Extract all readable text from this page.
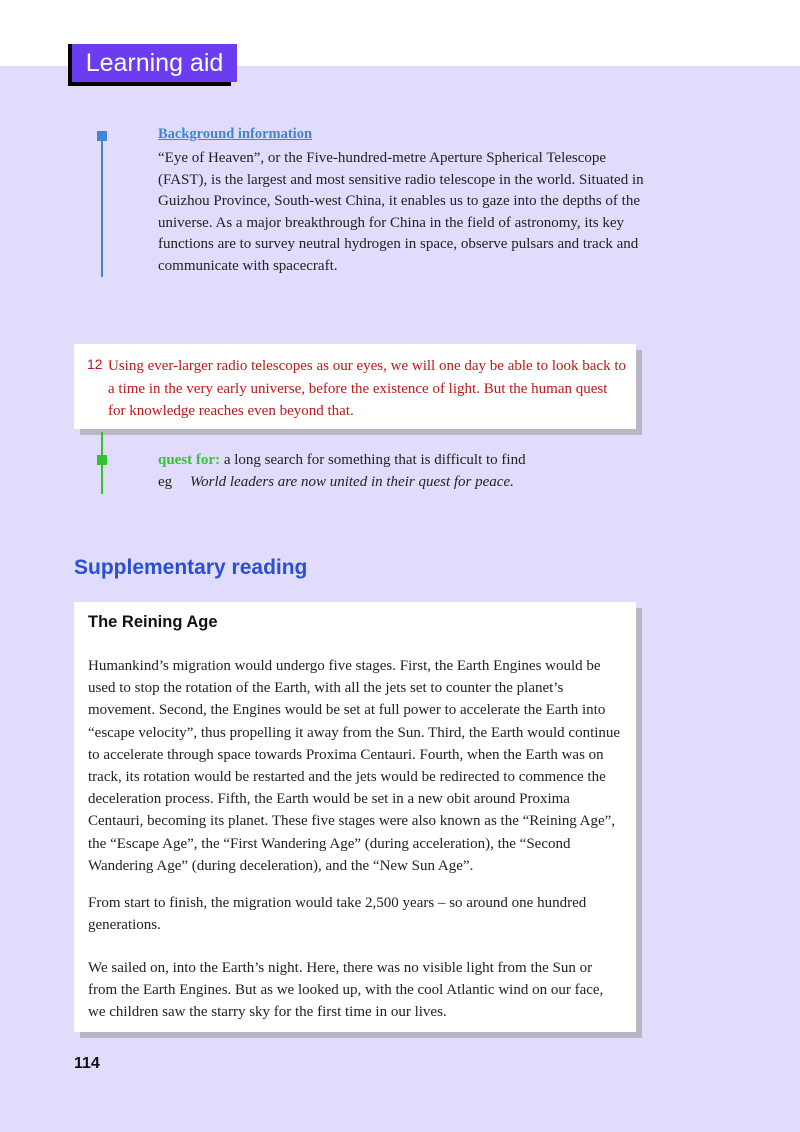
Learning aid
Background information
“Eye of Heaven”, or the Five-hundred-metre Aperture Spherical Telescope (FAST), is the largest and most sensitive radio telescope in the world. Situated in Guizhou Province, South-west China, it enables us to gaze into the depths of the universe. As a major breakthrough for China in the field of astronomy, its key functions are to survey neutral hydrogen in space, observe pulsars and track and communicate with spacecraft.
12 Using ever-larger radio telescopes as our eyes, we will one day be able to look back to a time in the very early universe, before the existence of light. But the human quest for knowledge reaches even beyond that.
quest for: a long search for something that is difficult to find
eg World leaders are now united in their quest for peace.
Supplementary reading
The Reining Age

Humankind’s migration would undergo five stages. First, the Earth Engines would be used to stop the rotation of the Earth, with all the jets set to counter the planet’s movement. Second, the Engines would be set at full power to accelerate the Earth into “escape velocity”, thus propelling it away from the Sun. Third, the Earth would continue to accelerate through space towards Proxima Centauri. Fourth, when the Earth was on track, its rotation would be restarted and the jets would be redirected to commence the deceleration process. Fifth, the Earth would be set in a new obit around Proxima Centauri, becoming its planet. These five stages were also known as the “Reining Age”, the “Escape Age”, the “First Wandering Age” (during acceleration), the “Second Wandering Age” (during deceleration), and the “New Sun Age”.

From start to finish, the migration would take 2,500 years – so around one hundred generations.

We sailed on, into the Earth’s night. Here, there was no visible light from the Sun or from the Earth Engines. But as we looked up, with the cool Atlantic wind on our face, we children saw the starry sky for the first time in our lives.

114
